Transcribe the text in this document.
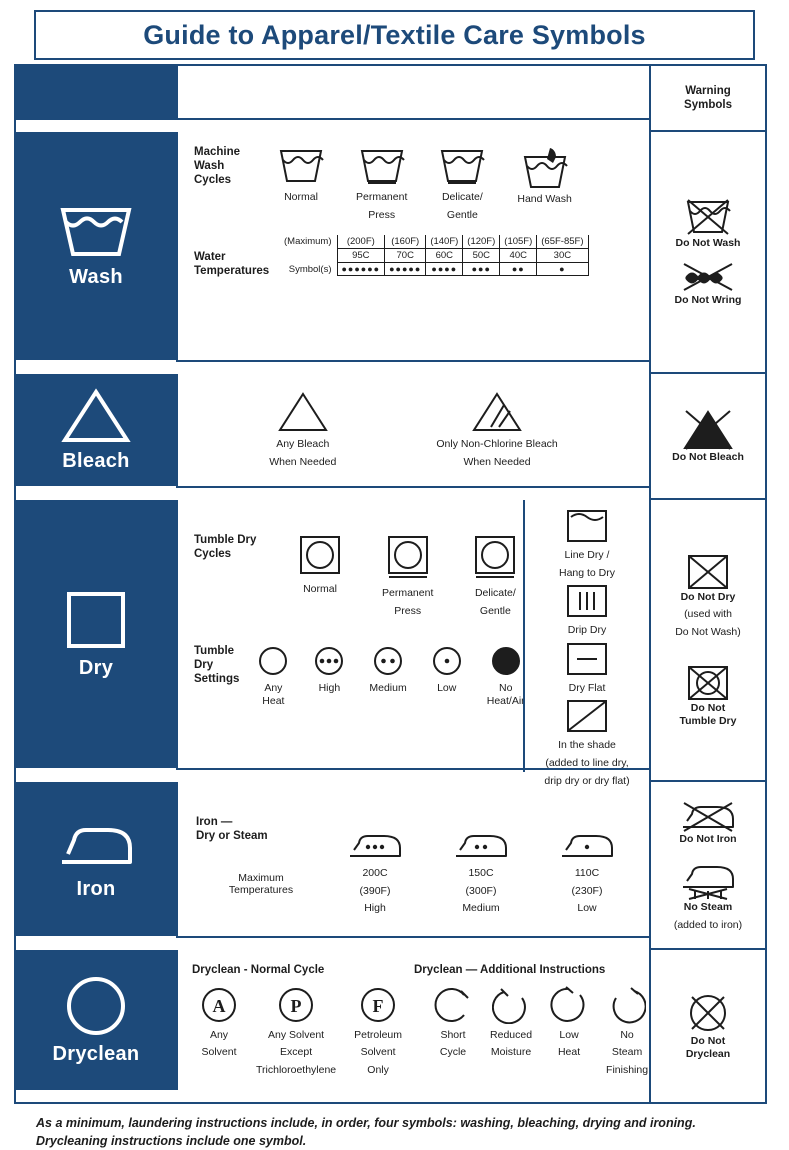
Guide to Apparel/Textile Care Symbols
Warning
Symbols
Wash
Machine
Wash
Cycles
Normal	Permanent
Press
Delicate/
Gentle
Hand Wash
Water
Temperatures
(Maximum)	(200F)	(160F)	(140F)	(120F)	(105F)	(65F-85F)
	95C	70C	60C	50C	40C	30C
Symbol(s)	●●●●●●	●●●●●	●●●●	●●●	●●	●
Do Not Wash
Do Not Wring
Bleach
Any Bleach
When Needed
Only Non-Chlorine Bleach
When Needed	Do Not Bleach
Dry
Tumble Dry
Cycles
Normal	Permanent
Press
Delicate/
Gentle
Tumble Dry
Settings
Any Heat
High	Medium	Low	No Heat/Air
Line Dry /
Hang to Dry
Drip Dry
Dry Flat
In the shade
(added to line dry,
drip dry or dry flat)
Do Not Dry
(used with
Do Not Wash)
Do Not
Tumble Dry
Iron
Iron —
Dry or Steam
Maximum
Temperatures
200C
(390F)
High
150C
(300F)
Medium
110C
(230F)
Low
Do Not Iron
No Steam
(added to iron)
Dryclean
Dryclean - Normal Cycle	Dryclean — Additional Instructions
A
Any
Solvent
P
Any Solvent
Except
Trichloroethylene
F
Petroleum
Solvent
Only
Short
Cycle
Reduced
Moisture
Low
Heat
No
Steam
Finishing
Do Not
Dryclean
As a minimum, laundering instructions include, in order, four symbols: washing, bleaching, drying and ironing.
Drycleaning instructions include one symbol.
